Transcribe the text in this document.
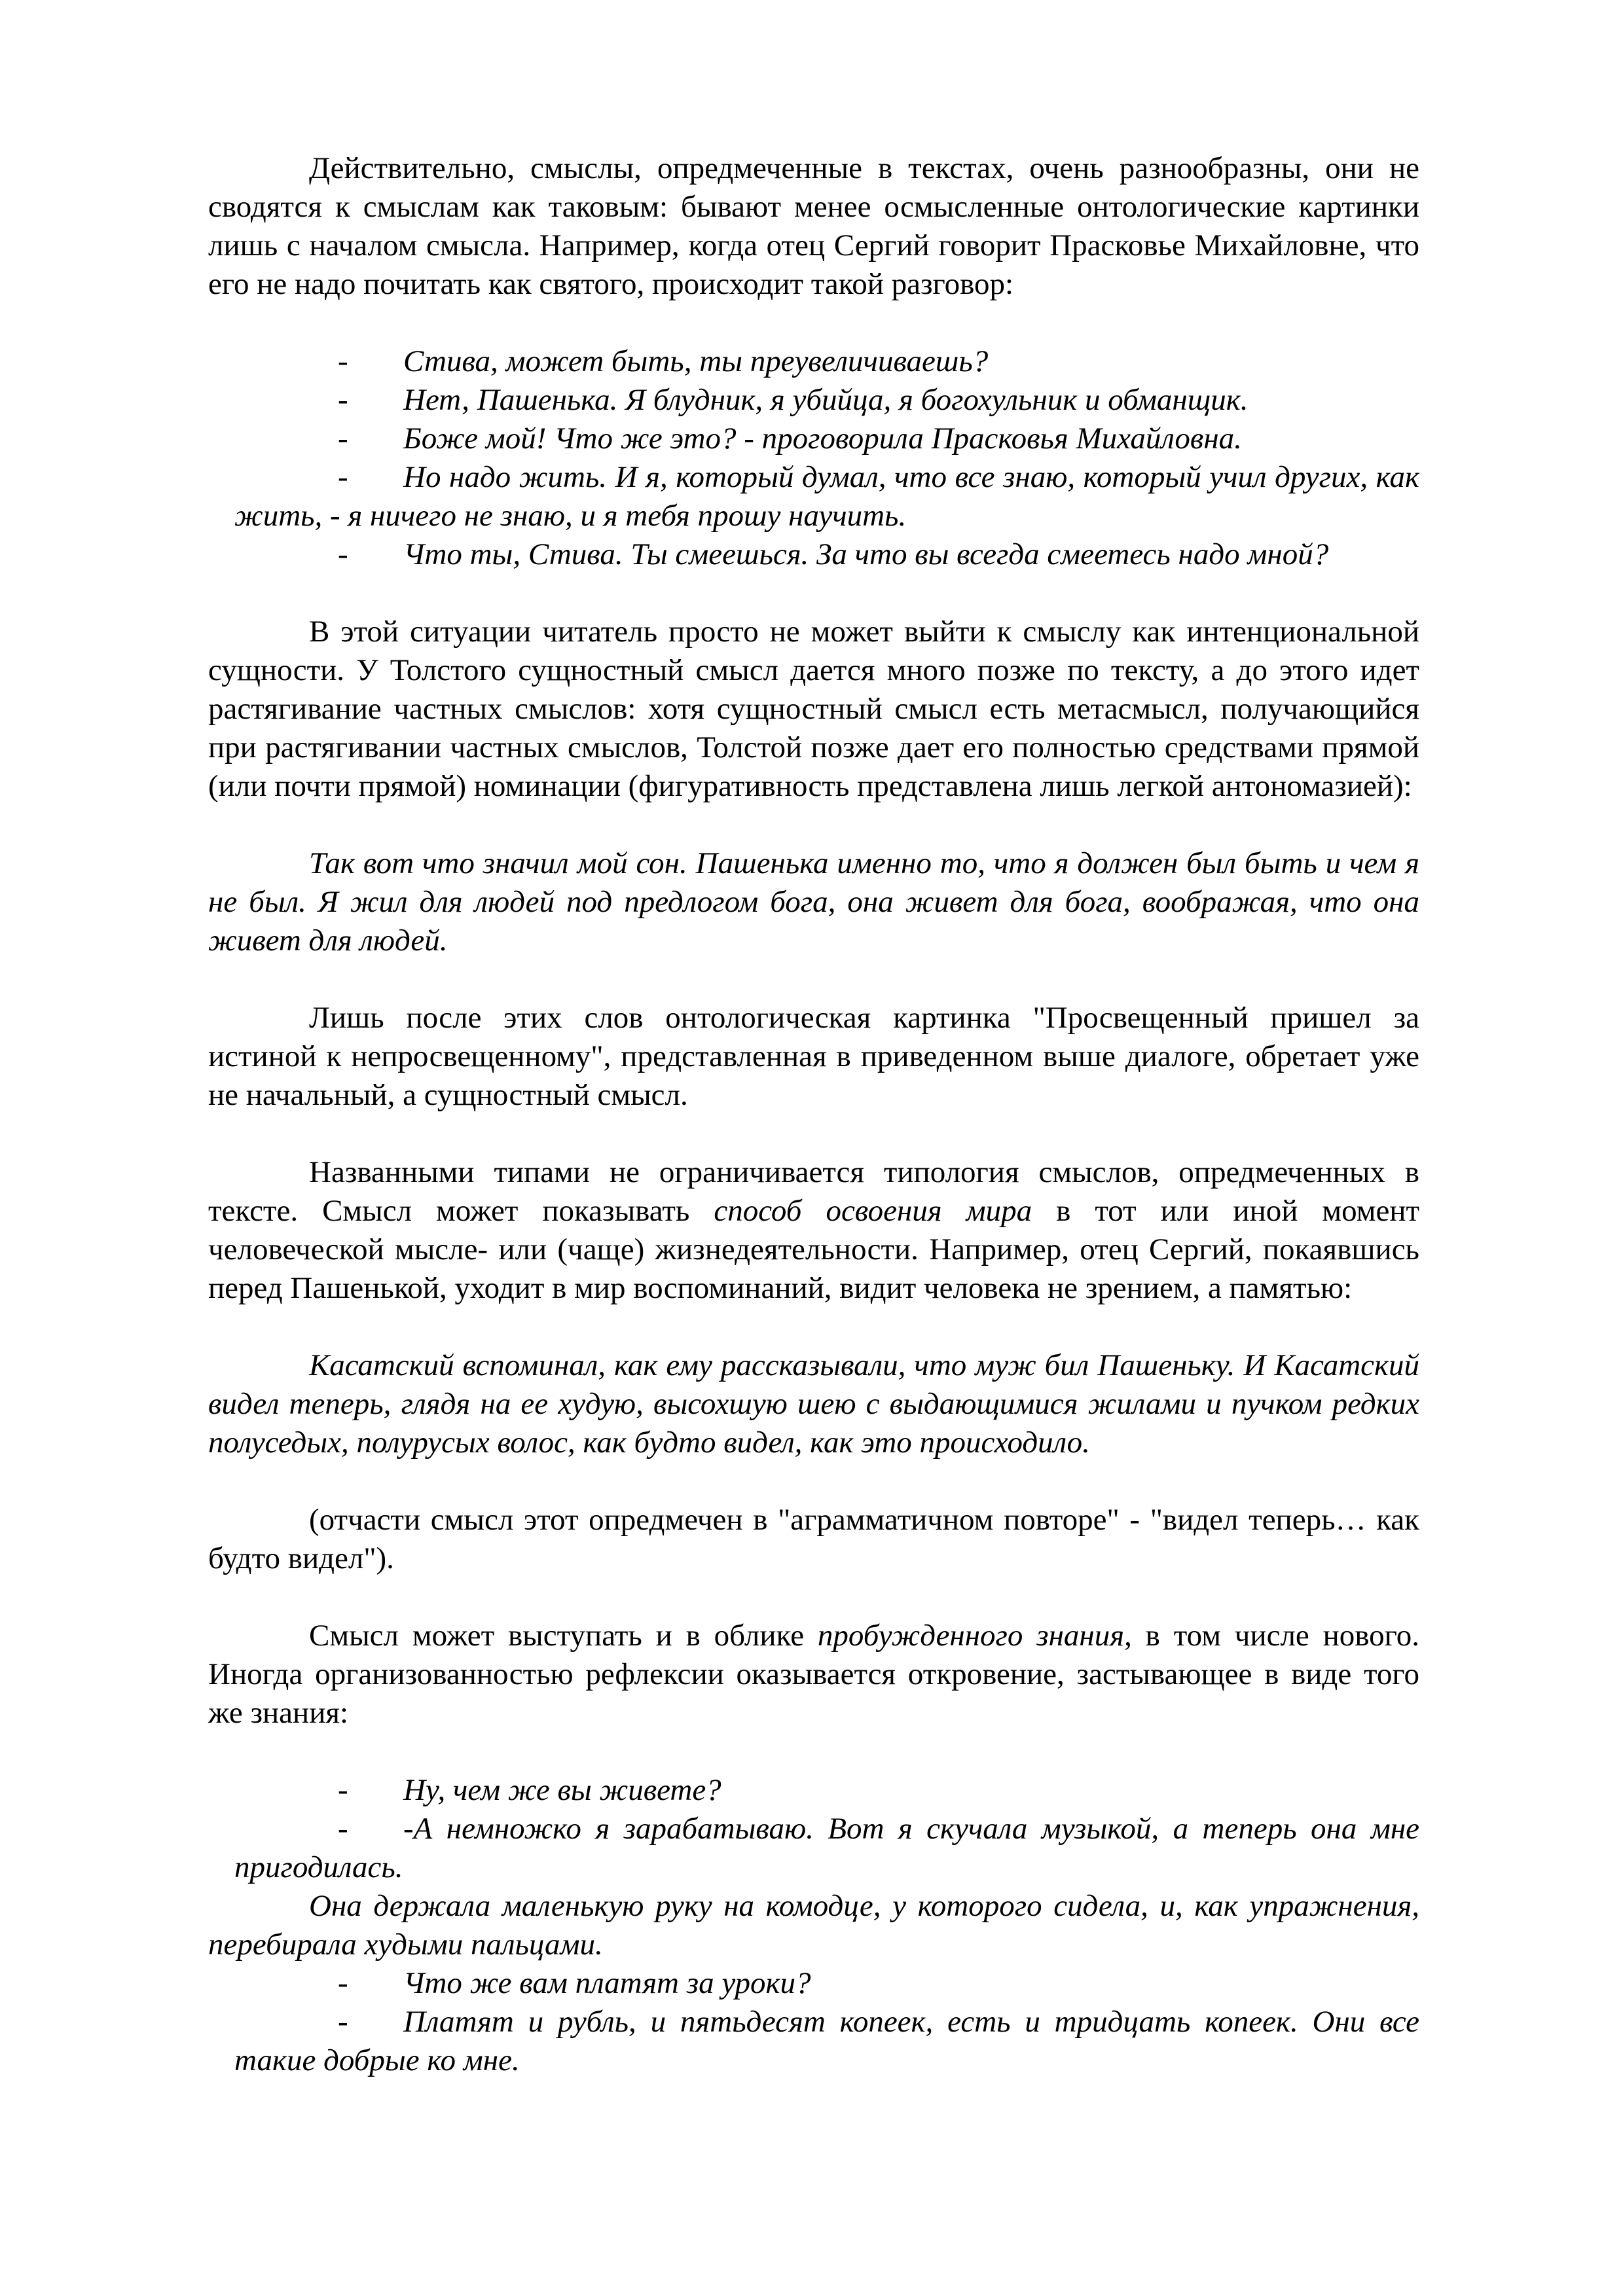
Действительно, смыслы, опредмеченные в текстах, очень разнообразны, они не сводятся к смыслам как таковым: бывают менее осмысленные онтологические картинки лишь с началом смысла. Например, когда отец Сергий говорит Прасковье Михайловне, что его не надо почитать как святого, происходит такой разговор:

-	Стива, может быть, ты преувеличиваешь?
-	Нет, Пашенька. Я блудник, я убийца, я богохульник и обманщик.
-	Боже мой! Что же это? - проговорила Прасковья Михайловна.
-	Но надо жить. И я, который думал, что все знаю, который учил других, как жить, - я ничего не знаю, и я тебя прошу научить.
-	Что ты, Стива. Ты смеешься. За что вы всегда смеетесь надо мной?

В этой ситуации читатель просто не может выйти к смыслу как интенциональной сущности. У Толстого сущностный смысл дается много позже по тексту, а до этого идет растягивание частных смыслов: хотя сущностный смысл есть метасмысл, получающийся при растягивании частных смыслов, Толстой позже дает его полностью средствами прямой (или почти прямой) номинации (фигуративность представлена лишь легкой антономазией):

Так вот что значил мой сон. Пашенька именно то, что я должен был быть и чем я не был. Я жил для людей под предлогом бога, она живет для бога, воображая, что она живет для людей.

Лишь после этих слов онтологическая картинка "Просвещенный пришел за истиной к непросвещенному", представленная в приведенном выше диалоге, обретает уже не начальный, а сущностный смысл.

Названными типами не ограничивается типология смыслов, опредмеченных в тексте. Смысл может показывать способ освоения мира в тот или иной момент человеческой мысле- или (чаще) жизнедеятельности. Например, отец Сергий, покаявшись перед Пашенькой, уходит в мир воспоминаний, видит человека не зрением, а памятью:

Касатский вспоминал, как ему рассказывали, что муж бил Пашеньку. И Касатский видел теперь, глядя на ее худую, высохшую шею с выдающимися жилами и пучком редких полуседых, полурусых волос, как будто видел, как это происходило.

(отчасти смысл этот опредмечен в "аграмматичном повторе" - "видел теперь… как будто видел").

Смысл может выступать и в облике пробужденного знания, в том числе нового. Иногда организованностью рефлексии оказывается откровение, застывающее в виде того же знания:

-	Ну, чем же вы живете?
-	-А немножко я зарабатываю. Вот я скучала музыкой, а теперь она мне пригодилась.
Она держала маленькую руку на комодце, у которого сидела, и, как упражнения, перебирала худыми пальцами.
-	Что же вам платят за уроки?
-	Платят и рубль, и пятьдесят копеек, есть и тридцать копеек. Они все такие добрые ко мне.
